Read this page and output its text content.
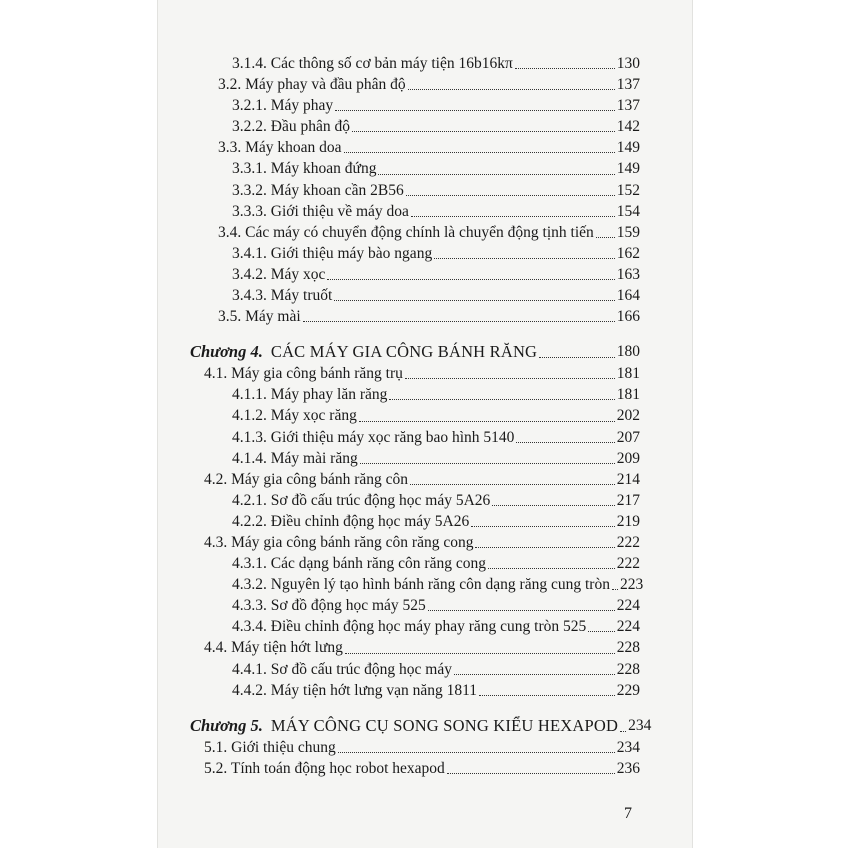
3.1.4. Các thông số cơ bản máy tiện 16b16kπ	130
3.2. Máy phay và đầu phân độ	137
3.2.1. Máy phay	137
3.2.2. Đầu phân độ	142
3.3. Máy khoan doa	149
3.3.1. Máy khoan đứng	149
3.3.2. Máy khoan cần 2B56	152
3.3.3. Giới thiệu về máy doa	154
3.4. Các máy có chuyển động chính là chuyển động tịnh tiến 159
3.4.1. Giới thiệu máy bào ngang	162
3.4.2. Máy xọc	163
3.4.3. Máy truốt	164
3.5. Máy mài	166
Chương 4. CÁC MÁY GIA CÔNG BÁNH RĂNG	180
4.1. Máy gia công bánh răng trụ	181
4.1.1. Máy phay lăn răng	181
4.1.2. Máy xọc răng	202
4.1.3. Giới thiệu máy xọc răng bao hình 5140	207
4.1.4. Máy mài răng	209
4.2. Máy gia công bánh răng côn	214
4.2.1. Sơ đồ cấu trúc động học máy 5A26	217
4.2.2. Điều chỉnh động học máy 5A26	219
4.3. Máy gia công bánh răng côn răng cong	222
4.3.1. Các dạng bánh răng côn răng cong	222
4.3.2. Nguyên lý tạo hình bánh răng côn dạng răng cung tròn 223
4.3.3. Sơ đồ động học máy 525	224
4.3.4. Điều chỉnh động học máy phay răng cung tròn 525 224
4.4. Máy tiện hớt lưng	228
4.4.1. Sơ đồ cấu trúc động học máy	228
4.4.2. Máy tiện hớt lưng vạn năng 1811	229
Chương 5. MÁY CÔNG CỤ SONG SONG KIỂU HEXAPOD 234
5.1. Giới thiệu chung	234
5.2. Tính toán động học robot hexapod	236
7
